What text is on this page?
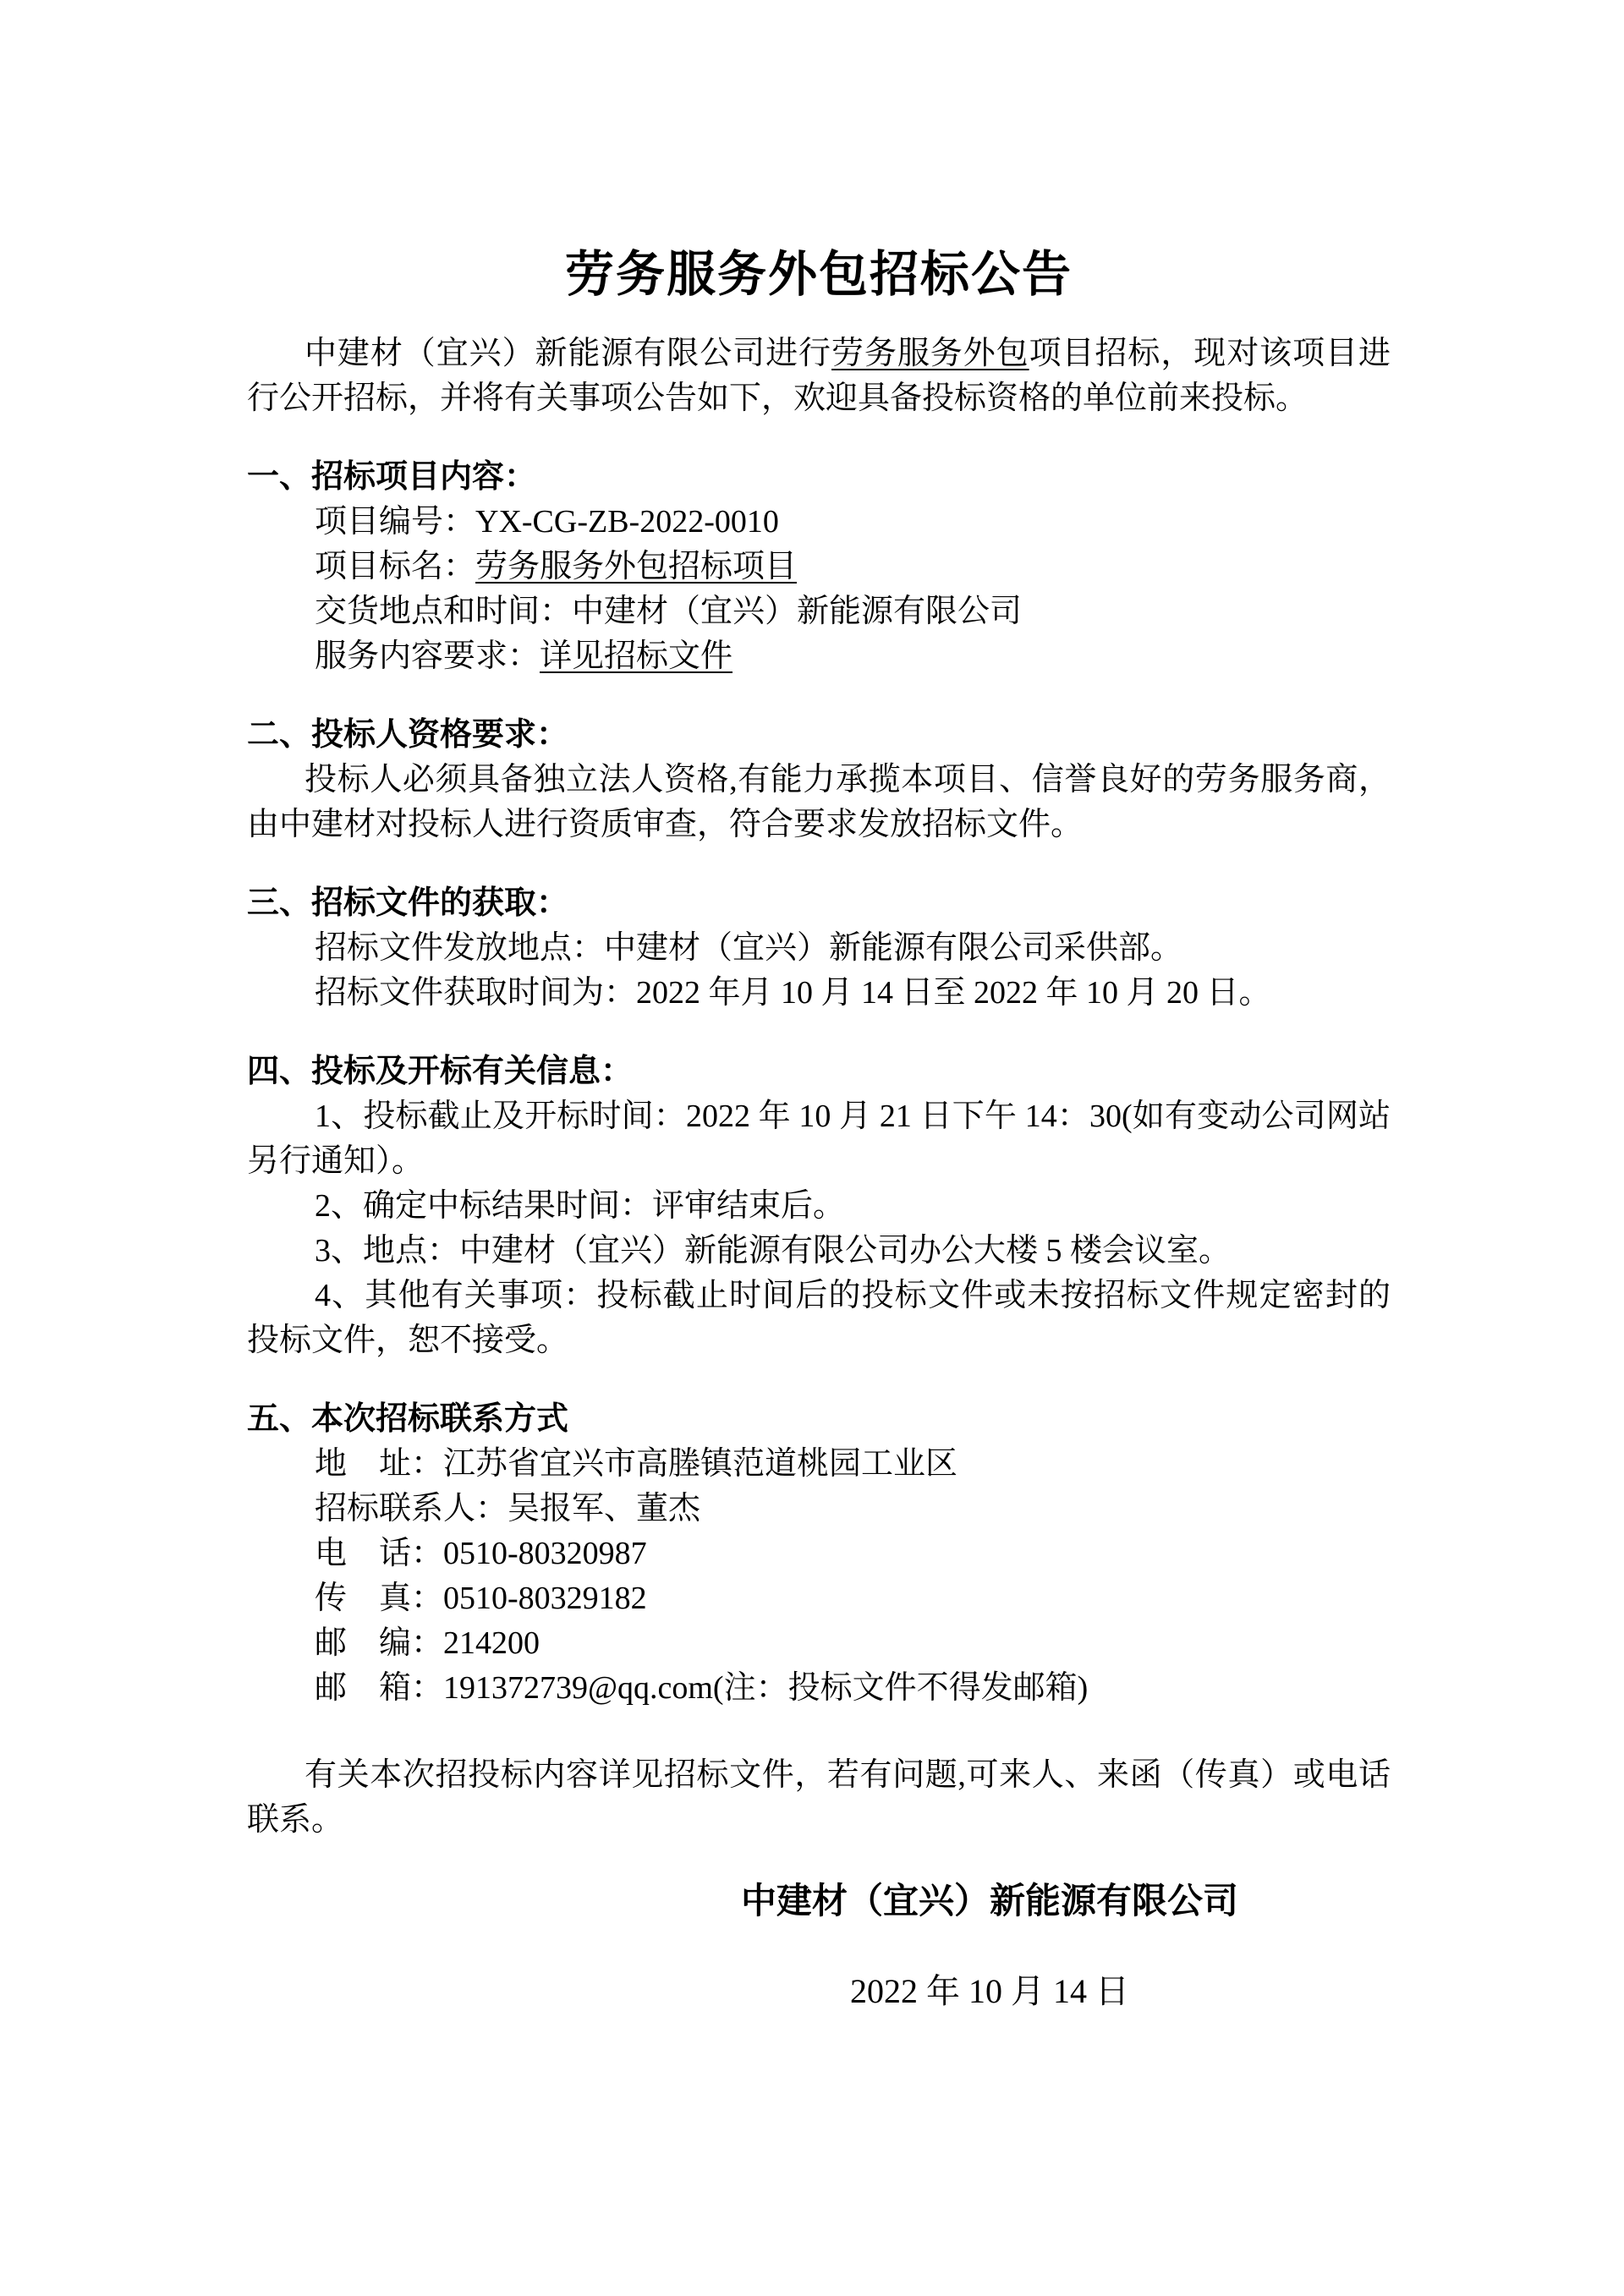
劳务服务外包招标公告

中建材（宜兴）新能源有限公司进行劳务服务外包项目招标，现对该项目进行公开招标，并将有关事项公告如下，欢迎具备投标资格的单位前来投标。

一、招标项目内容：

项目编号：YX-CG-ZB-2022-0010

项目标名：劳务服务外包招标项目

交货地点和时间：中建材（宜兴）新能源有限公司

服务内容要求：详见招标文件

二、投标人资格要求：

投标人必须具备独立法人资格,有能力承揽本项目、信誉良好的劳务服务商，由中建材对投标人进行资质审查，符合要求发放招标文件。

三、招标文件的获取：

招标文件发放地点：中建材（宜兴）新能源有限公司采供部。

招标文件获取时间为：2022 年月 10 月 14 日至 2022 年 10 月 20 日。

四、投标及开标有关信息：

1、投标截止及开标时间：2022 年 10 月 21 日下午 14：30(如有变动公司网站另行通知）。

2、确定中标结果时间：评审结束后。

3、地点：中建材（宜兴）新能源有限公司办公大楼 5 楼会议室。

4、其他有关事项：投标截止时间后的投标文件或未按招标文件规定密封的投标文件，恕不接受。

五、本次招标联系方式

地　址：江苏省宜兴市高塍镇范道桃园工业区

招标联系人：吴报军、董杰

电　话：0510-80320987

传　真：0510-80329182

邮　编：214200

邮　箱：191372739@qq.com(注：投标文件不得发邮箱)

有关本次招投标内容详见招标文件，若有问题,可来人、来函（传真）或电话联系。

中建材（宜兴）新能源有限公司

2022 年 10 月 14 日
